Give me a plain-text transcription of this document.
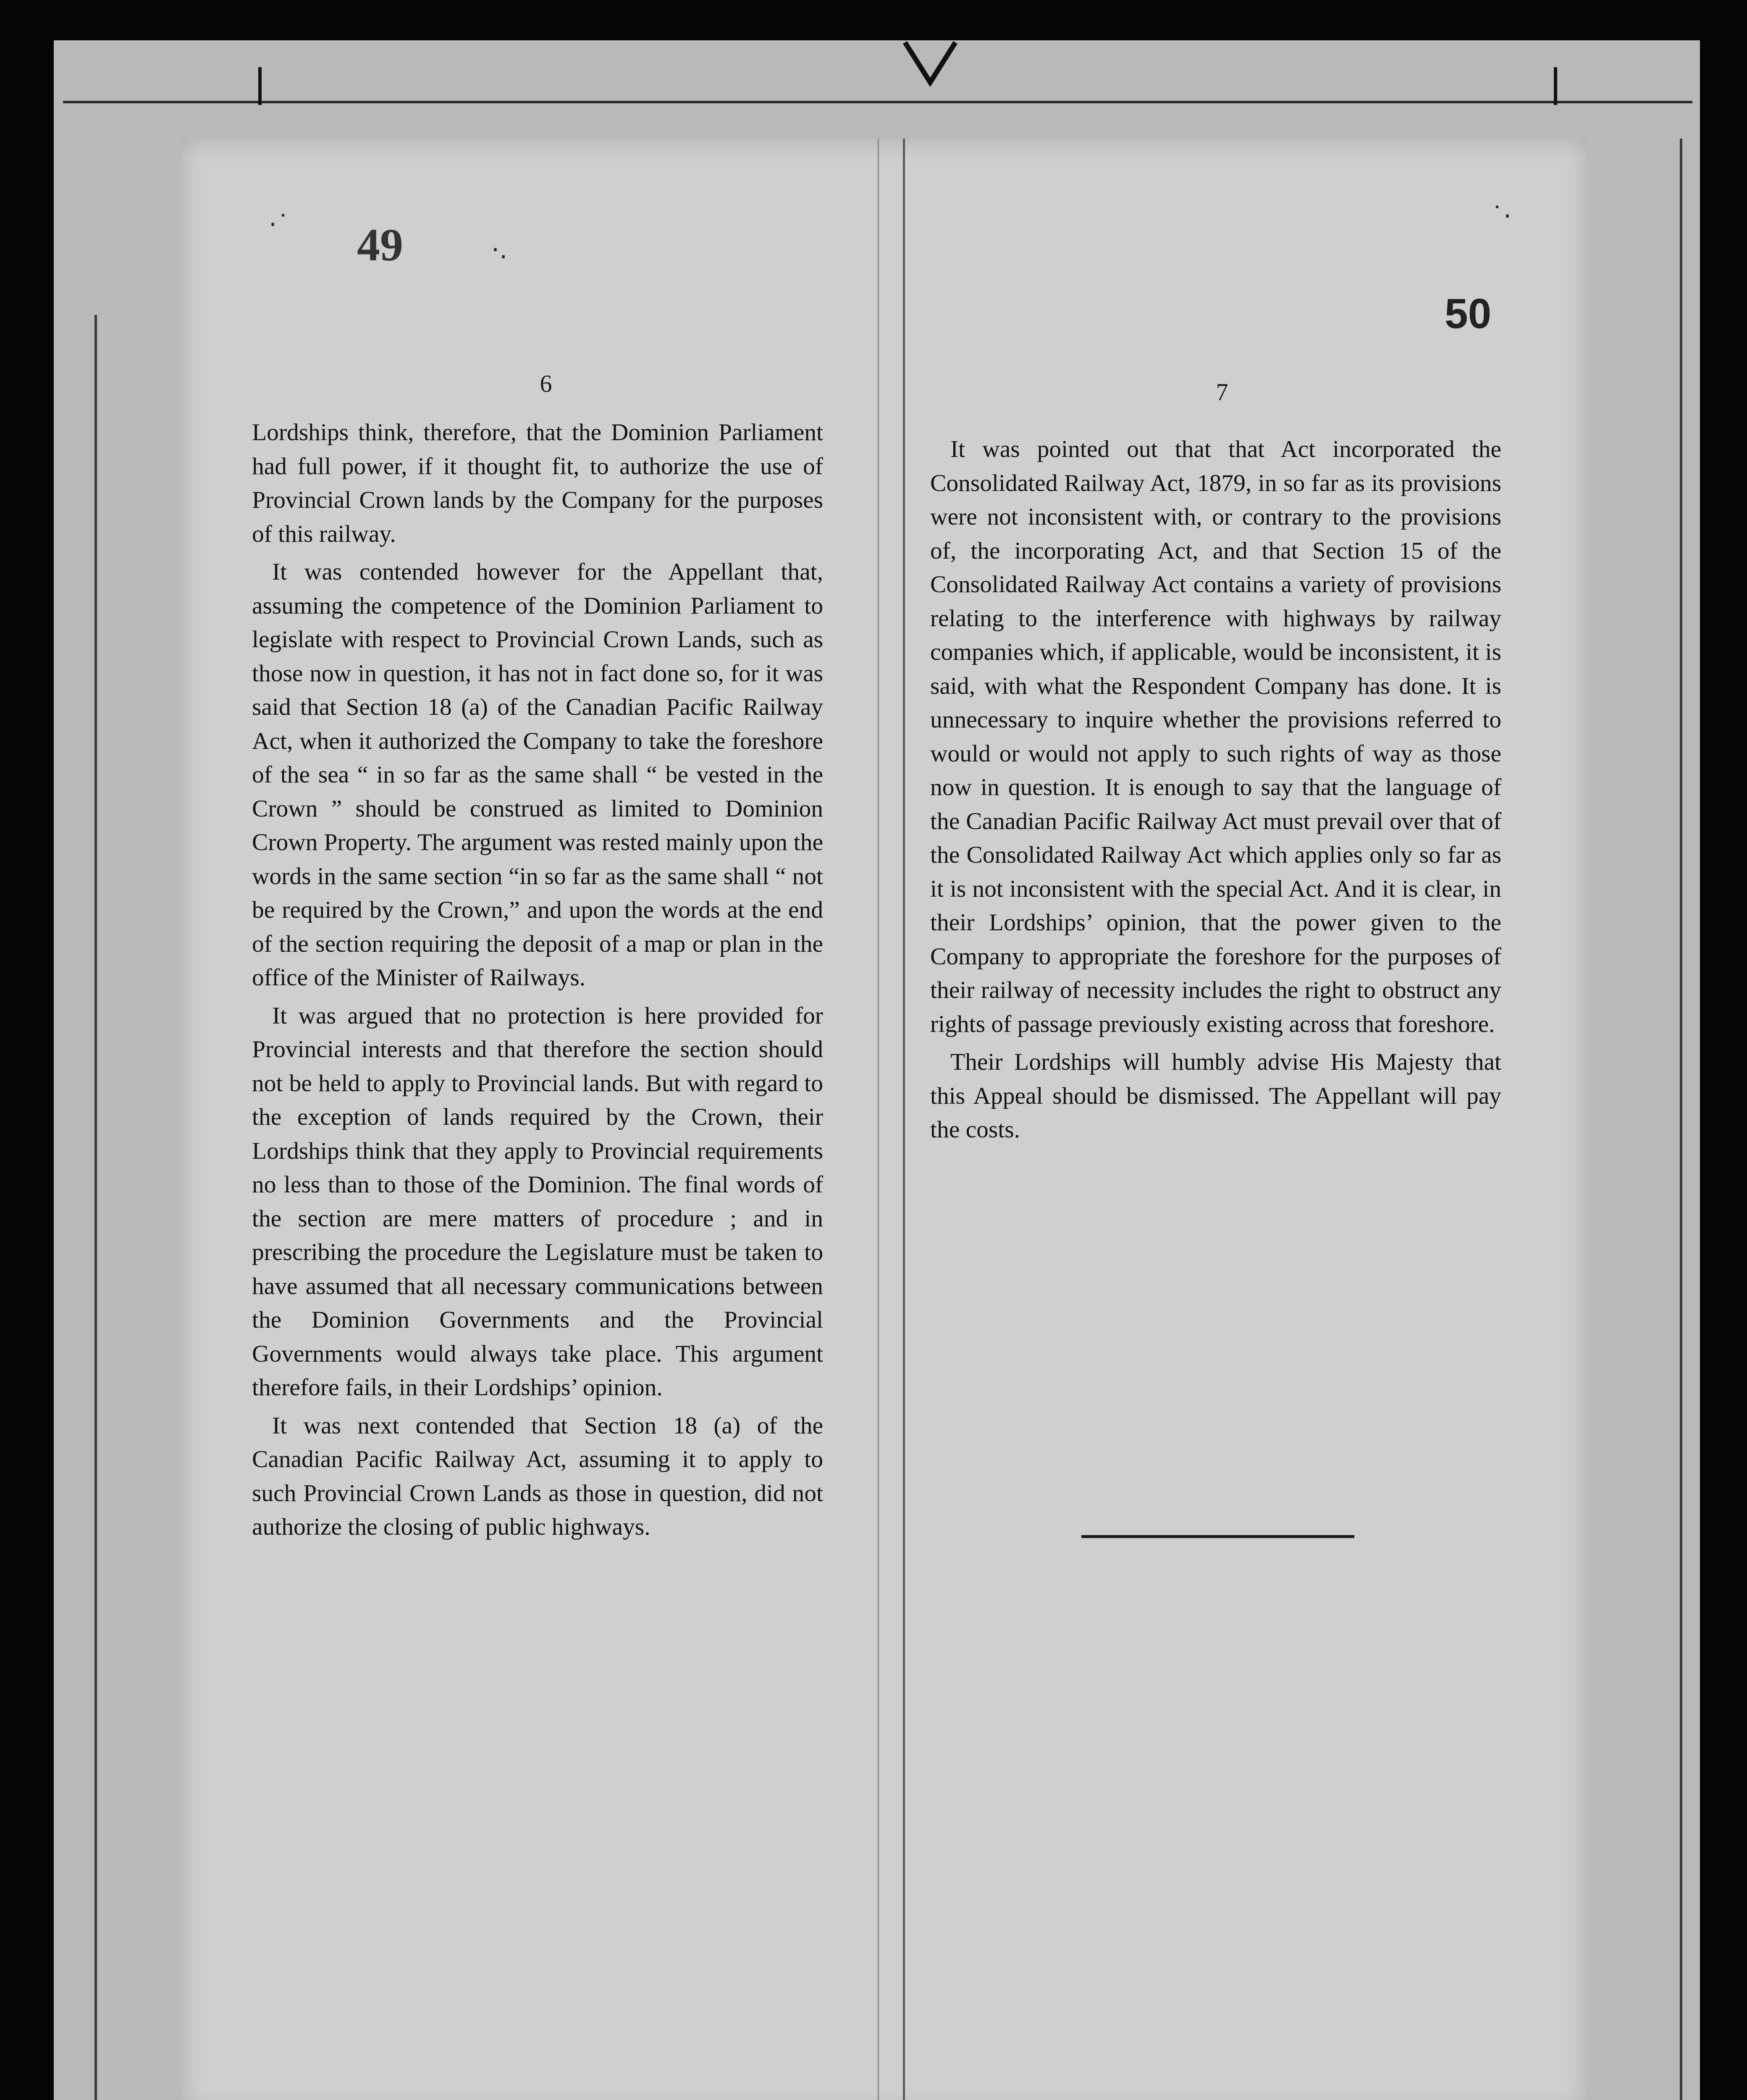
·˙
·.
˙·
49
50
6	7

Lordships think, therefore, that the Dominion Parliament had full power, if it thought fit, to authorize the use of Provincial Crown lands by the Company for the purposes of this railway.

It was contended however for the Appellant that, assuming the competence of the Dominion Parliament to legislate with respect to Provincial Crown Lands, such as those now in question, it has not in fact done so, for it was said that Section 18 (a) of the Canadian Pacific Railway Act, when it authorized the Company to take the foreshore of the sea “ in so far as the same shall “ be vested in the Crown ” should be construed as limited to Dominion Crown Property. The argument was rested mainly upon the words in the same section “in so far as the same shall “ not be required by the Crown,” and upon the words at the end of the section requiring the deposit of a map or plan in the office of the Minister of Railways.

It was argued that no protection is here provided for Provincial interests and that therefore the section should not be held to apply to Provincial lands. But with regard to the exception of lands required by the Crown, their Lordships think that they apply to Provincial requirements no less than to those of the Dominion. The final words of the section are mere matters of procedure ; and in prescribing the procedure the Legislature must be taken to have assumed that all necessary communications between the Dominion Governments and the Provincial Governments would always take place. This argument therefore fails, in their Lordships’ opinion.

It was next contended that Section 18 (a) of the Canadian Pacific Railway Act, assuming it to apply to such Provincial Crown Lands as those in question, did not authorize the closing of public highways.

It was pointed out that that Act incorporated the Consolidated Railway Act, 1879, in so far as its provisions were not inconsistent with, or contrary to the provisions of, the incorporating Act, and that Section 15 of the Consolidated Railway Act contains a variety of provisions relating to the interference with highways by railway companies which, if applicable, would be inconsistent, it is said, with what the Respondent Company has done. It is unnecessary to inquire whether the provisions referred to would or would not apply to such rights of way as those now in question. It is enough to say that the language of the Canadian Pacific Railway Act must prevail over that of the Consolidated Railway Act which applies only so far as it is not inconsistent with the special Act. And it is clear, in their Lordships’ opinion, that the power given to the Company to appropriate the foreshore for the purposes of their railway of necessity includes the right to obstruct any rights of passage previously existing across that foreshore.

Their Lordships will humbly advise His Majesty that this Appeal should be dismissed. The Appellant will pay the costs.
